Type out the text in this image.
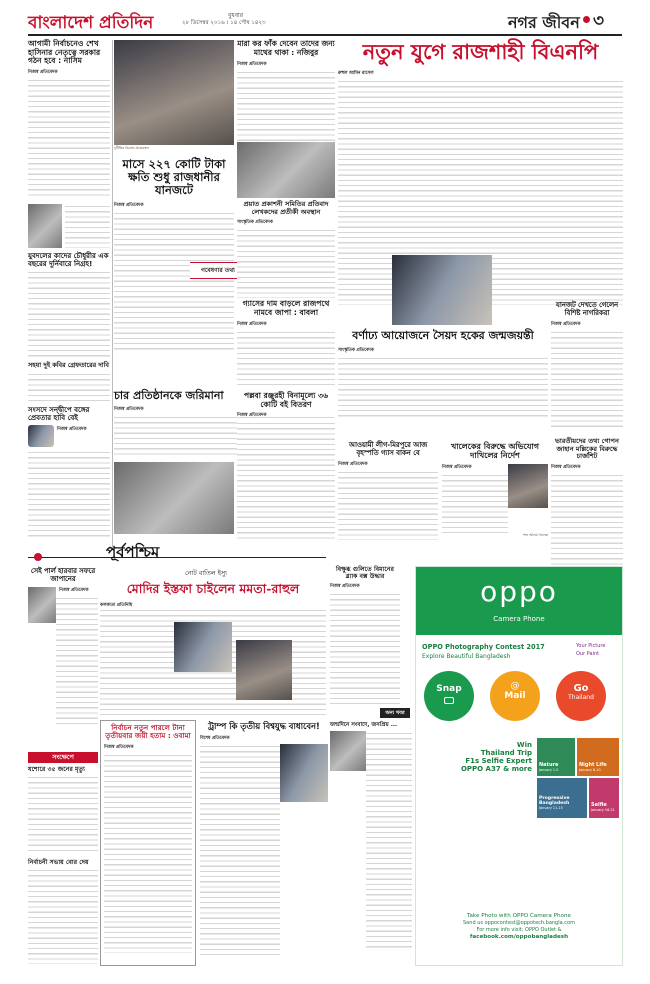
বাংলাদেশ প্রতিদিন	বুধবার
২৮ ডিসেম্বর ২০১৬ । ১৪ পৌষ ১৪২৩	নগর জীবন ৩
আগামী নির্বাচনেও শেখ হাসিনার নেতৃত্বে সরকার গঠন হবে : নাসিম
নিজস্ব প্রতিবেদক
যুবদলের কাদের চৌধুরীর এক বছরের দুর্নিবারে নিগ্রহ!
সহযা দুই কবির গ্রেফতারের দাবি
সংসদে সন্দ্বীপে বঙ্গের প্রেবতার হাবি বেই
নিজস্ব প্রতিবেদক
দুর্নীতির বিরুদ্ধে মানববন্ধন
মারা কর ফাঁক দেবেন তাদের জন্য মাথের থাকা : নজিবুর
নিজস্ব প্রতিবেদক
নতুন যুগে রাজশাহী বিএনপি
রুহুল আমিন রাসেল
মাসে ২২৭ কোটি টাকা ক্ষতি শুধু রাজধানীর যানজটে
নিজস্ব প্রতিবেদক
গবেষণার তথ্য
প্রয়াত প্রকাশনী সমিতির প্রতিবাদ লেখকদের প্রতীকী অবস্থান
সাংস্কৃতিক প্রতিবেদক
গ্যাসের দাম বাড়লে রাজপথে নামবে জাপা : বাবলা
নিজস্ব প্রতিবেদক
বর্ণাঢ্য আয়োজনে সৈয়দ হকের জন্মজয়ন্তী
সাংস্কৃতিক প্রতিবেদক
যানজট দেখতে গেলেন বিশিষ্ট নাগরিকরা
নিজস্ব প্রতিবেদক
ভারতীয়দের তথ্য গোপন জাহান মল্লিকের বিরুদ্ধে চার্জশিট
নিজস্ব প্রতিবেদক
চার প্রতিষ্ঠানকে জরিমানা
নিজস্ব প্রতিবেদক
পল্লবা রঞ্জুরহী বিনামূল্যে ৩৬ কোটি বই বিতরণ
নিজস্ব প্রতিবেদক
আওয়ামী লীগ-মিরপুরে আজ বৃহস্পতি গ্যাস বাকন বে
নিজস্ব প্রতিবেদক
খালেকের বিরুদ্ধে অভিযোগ দাখিলের নির্দেশ
নিজস্ব প্রতিবেদক
শাহ আলম খালেক
পূর্বপশ্চিম
নোট বাতিল ইস্যু
মোদির ইস্তফা চাইলেন মমতা-রাহুল
কলকাতা প্রতিনিধি
সেই পার্ল হারবার সফরে জাপানের
নিজস্ব প্রতিবেদক
সংক্ষেপে
যশোরে ৩৫ জনের মৃত্যু
নির্বাচনী সভায় বোর দেয়
বিক্ষুব্ধ গুলিতে বিমানের ব্ল্যাক বক্স উদ্ধার
নিজস্ব প্রতিবেদক
নির্বাচন নতুন পারলে টানা তৃতীয়বার জয়ী হতাম : ওবামা
নিজস্ব প্রতিবেদক
ট্রাম্প কি তৃতীয় বিশ্বযুদ্ধ বাধাবেন!
বিশেষ প্রতিবেদক
অন্য খবর
জন্মদিনে সংবাদে, জনপ্রিয় ...
oppo
Camera Phone
OPPO Photography Contest 2017
Explore Beautiful Bangladesh
Your Picture
Our Paint
Snap	@
Mail
Go
Thailand
Win
Thailand Trip
F1s Selfie Expert
OPPO A37 & more	Nature
January 1-5
Night Life
January 6-10
Progressive Bangladesh
January 11-15	Selfie
January 16-21
Take Photo with OPPO Camera Phone
Send us oppocontest@oppotech.bangla.com
For more info visit: OPPO Outlet &
facebook.com/oppobangladesh
